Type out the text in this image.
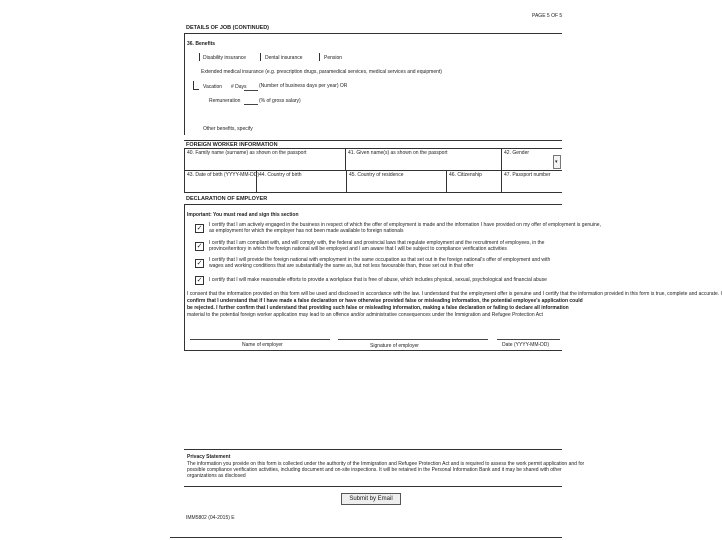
PAGE 5 OF 5
DETAILS OF JOB (CONTINUED)
36. Benefits
Disability insurance	Dental insurance	Pension
Extended medical insurance (e.g. prescription drugs, paramedical services, medical services and equipment)
Vacation # Days (Number of business days per year) OR
Remuneration	(% of gross salary)
Other benefits, specify
FOREIGN WORKER INFORMATION
40. Family name (surname) as shown on the passport	41. Given name(s) as shown on the passport	42. Gender
▾
43. Date of birth (YYYY-MM-DD) 44. Country of birth	45. Country of residence	46. Citizenship	47. Passport number
DECLARATION OF EMPLOYER
Important: You must read and sign this section
✓	I certify that I am actively engaged in the business in respect of which the offer of employment is made and the information I have provided on my offer of employment is genuine,
as employment for which the employer has not been made available to foreign nationals
✓	I certify that I am compliant with, and will comply with, the federal and provincial laws that regulate employment and the recruitment of employees, in the
province/territory in which the foreign national will be employed and I am aware that I will be subject to compliance verification activities
✓	I certify that I will provide the foreign national with employment in the same occupation as that set out in the foreign national's offer of employment and with
wages and working conditions that are substantially the same as, but not less favourable than, those set out in that offer
✓	I certify that I will make reasonable efforts to provide a workplace that is free of abuse, which includes physical, sexual, psychological and financial abuse
I consent that the information provided on this form will be used and disclosed in accordance with the law. I understand that the employment offer is genuine and I certify that the information provided in this form is true, complete and accurate. I
confirm that I understand that if I have made a false declaration or have otherwise provided false or misleading information, the potential employee's application could
be rejected. I further confirm that I understand that providing such false or misleading information, making a false declaration or failing to declare all information
material to the potential foreign worker application may lead to an offence and/or administrative consequences under the Immigration and Refugee Protection Act
Name of employer	Signature of employer	Date (YYYY-MM-DD)
Privacy Statement
The information you provide on this form is collected under the authority of the Immigration and Refugee Protection Act and is required to assess the work permit application and for
possible compliance verification activities, including document and on-site inspections. It will be retained in the Personal Information Bank and it may be shared with other
organizations as disclosed
Submit by Email
IMM5802 (04-2015) E
